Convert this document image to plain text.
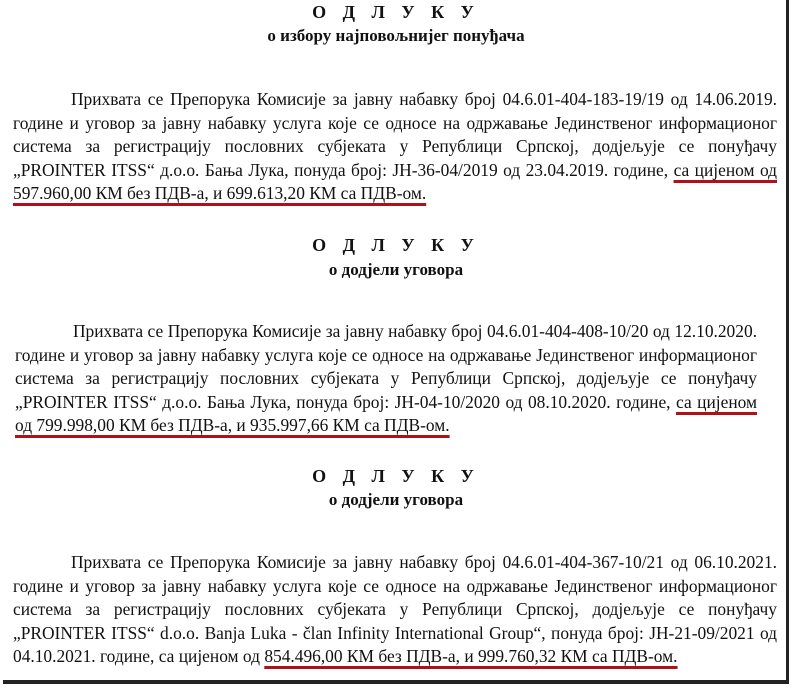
О Д Л У К У
о избору најповољнијег понуђача
Прихвата се Препорука Комисије за јавну набавку број 04.6.01-404-183-19/19 од 14.06.2019. године и уговор за јавну набавку услуга које се односе на одржавање Јединственог информационог система за регистрацију пословних субјеката у Републици Српској, додјељује се понуђачу „PROINTER ITSS“ д.о.о. Бања Лука, понуда број: ЈН-36-04/2019 од 23.04.2019. године, са цијеном од 597.960,00 КМ без ПДВ-а, и 699.613,20 КМ са ПДВ-ом.
О Д Л У К У
о додјели уговора
Прихвата се Препорука Комисије за јавну набавку број 04.6.01-404-408-10/20 од 12.10.2020. године и уговор за јавну набавку услуга које се односе на одржавање Јединственог информационог система за регистрацију пословних субјеката у Републици Српској, додјељује се понуђачу „PROINTER ITSS“ д.о.о. Бања Лука, понуда број: ЈН-04-10/2020 од 08.10.2020. године, са цијеном од 799.998,00 КМ без ПДВ-а, и 935.997,66 КМ са ПДВ-ом.
О Д Л У К У
о додјели уговора
Прихвата се Препорука Комисије за јавну набавку број 04.6.01-404-367-10/21 од 06.10.2021. године и уговор за јавну набавку услуга које се односе на одржавање Јединственог информационог система за регистрацију пословних субјеката у Републици Српској, додјељује се понуђачу „PROINTER ITSS“ d.o.o. Banja Luka - član Infinity International Group“, понуда број: ЈН-21-09/2021 од 04.10.2021. године, са цијеном од 854.496,00 КМ без ПДВ-а, и 999.760,32 КМ са ПДВ-ом.
